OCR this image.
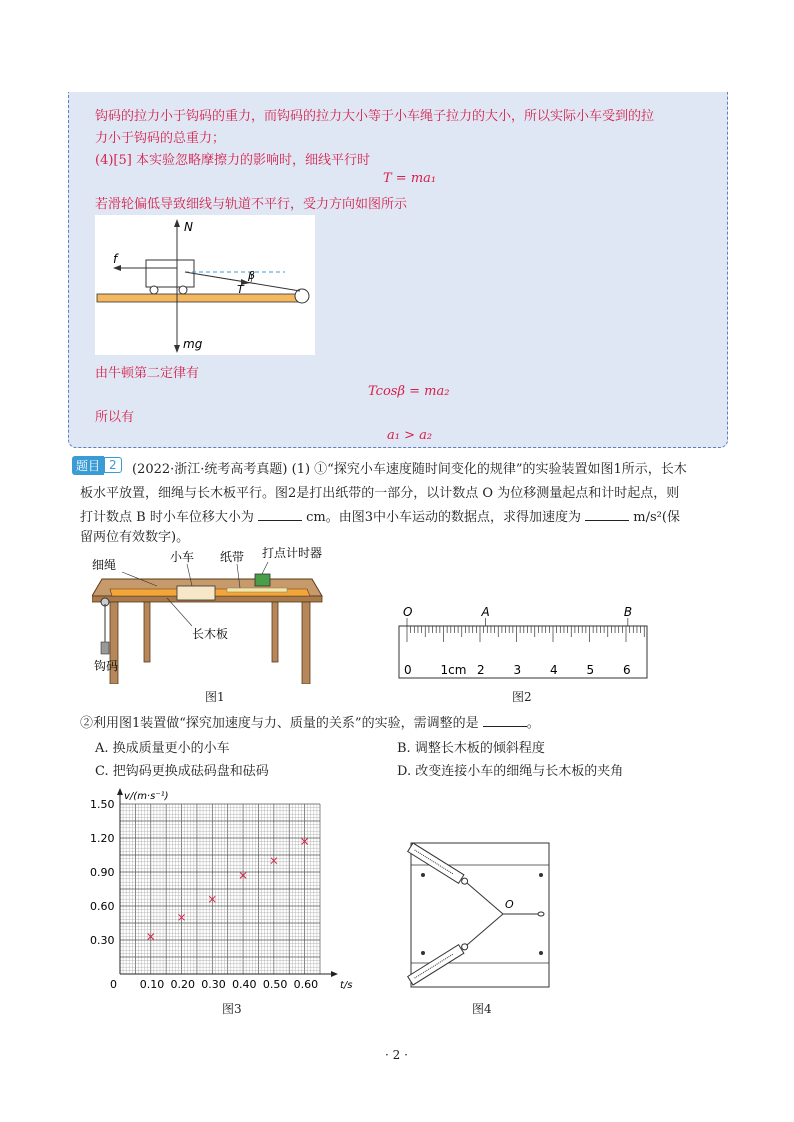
钩码的拉力小于钩码的重力，而钩码的拉力大小等于小车绳子拉力的大小，所以实际小车受到的拉
力小于钩码的总重力；
(4)[5] 本实验忽略摩擦力的影响时，细线平行时
T = ma₁
若滑轮偏低导致细线与轨道不平行，受力方向如图所示
N
f
β
T
mg
由牛顿第二定律有
Tcosβ = ma₂
所以有
a₁ > a₂
题目 2	(2022·浙江·统考高考真题) (1) ①“探究小车速度随时间变化的规律”的实验装置如图1所示，长木
板水平放置，细绳与长木板平行。图2是打出纸带的一部分，以计数点 O 为位移测量起点和计时起点，则
打计数点 B 时小车位移大小为	cm。由图3中小车运动的数据点，求得加速度为	m/s²(保
留两位有效数字)。
细绳
小车 纸带 打点计时器
长木板
钩码
图1
0 1cm 2 3 4 5 6
O	A	B
图2
②利用图1装置做“探究加速度与力、质量的关系”的实验，需调整的是	。
A. 换成质量更小的小车	B. 调整长木板的倾斜程度
C. 把钩码更换成砝码盘和砝码	D. 改变连接小车的细绳与长木板的夹角
0.30
0.60
0.90
1.20
1.50
0 0.10 0.20 0.30 0.40 0.50 0.60
v/(m·s⁻¹)
t/s
图3
O
图4
· 2 ·
